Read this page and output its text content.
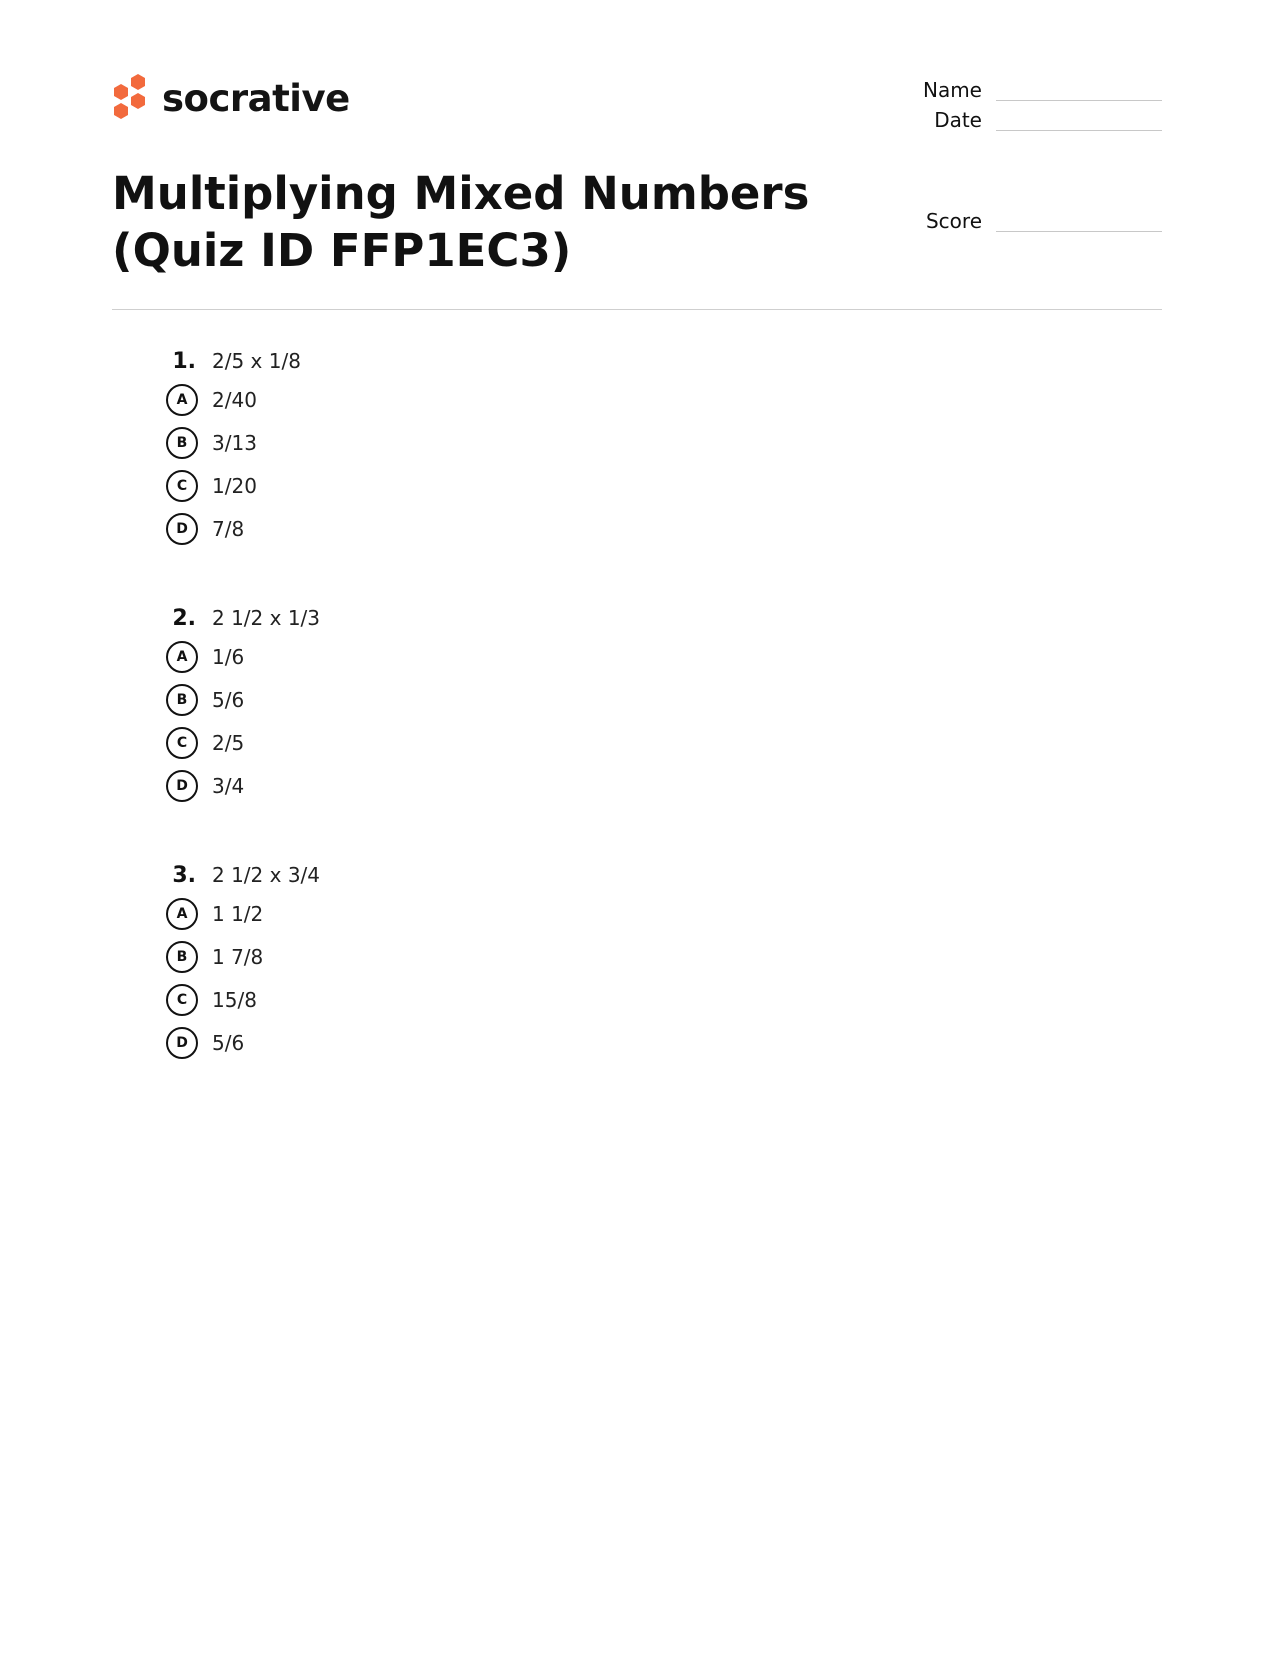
socrative	Name
Date
Score
Multiplying Mixed Numbers
(Quiz ID FFP1EC3)
1. 2/5 x 1/8
A	2/40
B	3/13
C	1/20
D	7/8
2. 2 1/2 x 1/3
A	1/6
B	5/6
C	2/5
D	3/4
3. 2 1/2 x 3/4
A	1 1/2
B	1 7/8
C	15/8
D	5/6
